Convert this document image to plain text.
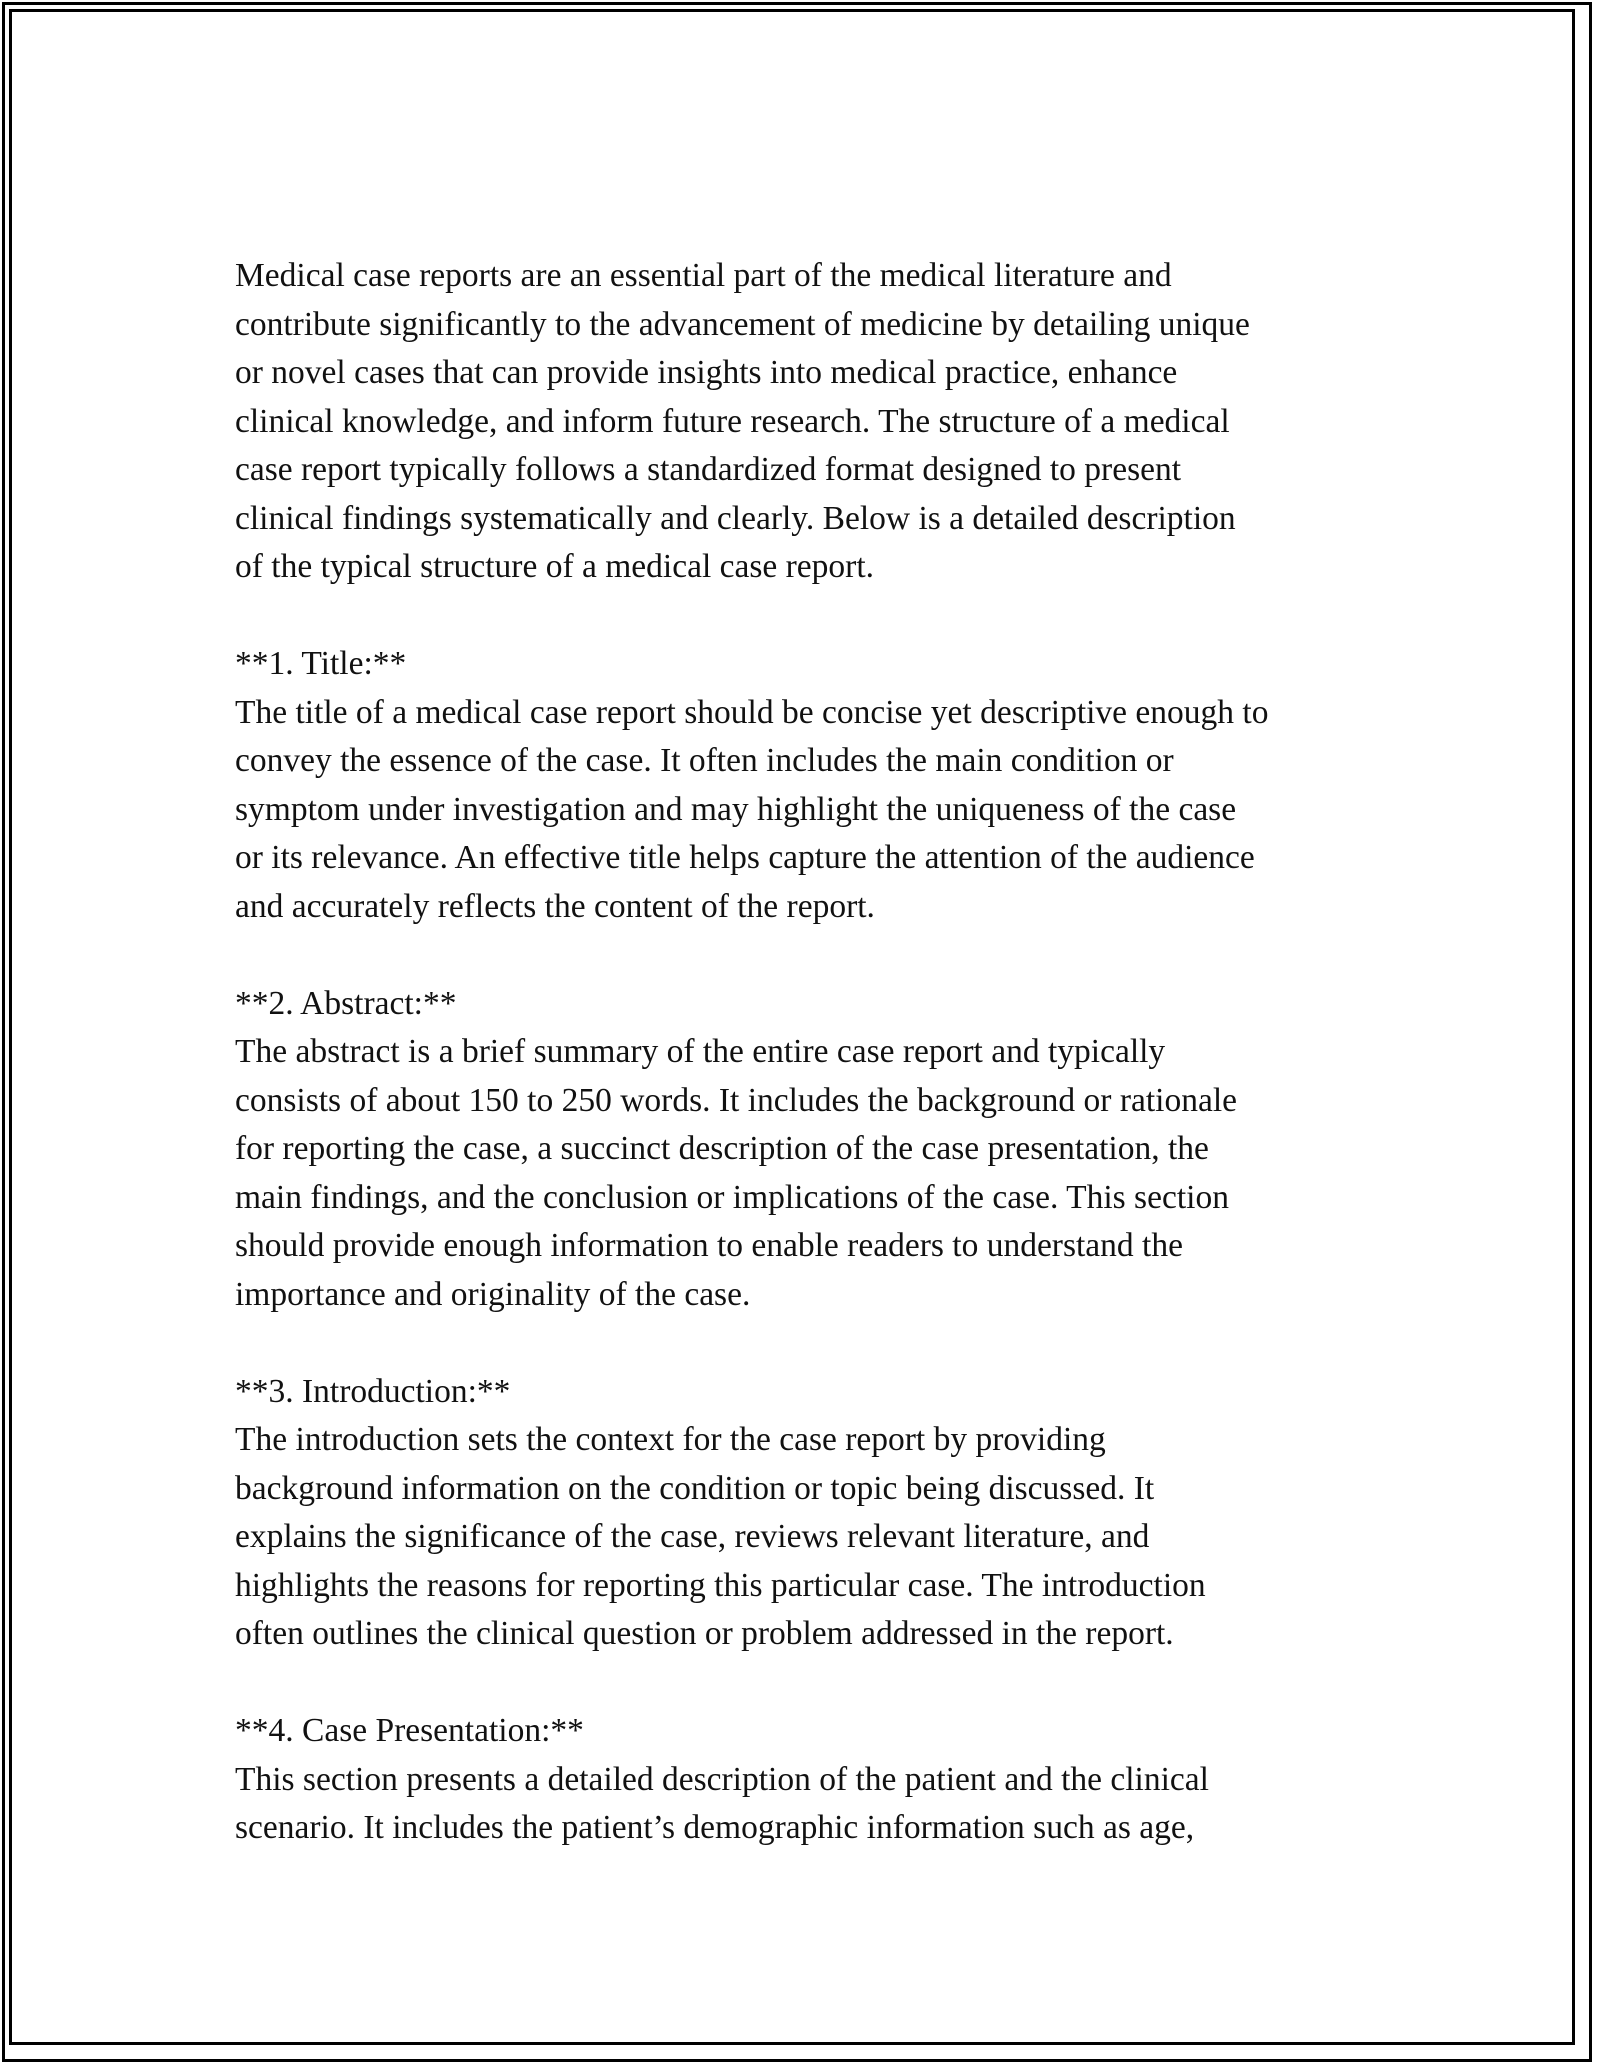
Medical case reports are an essential part of the medical literature and
contribute significantly to the advancement of medicine by detailing unique
or novel cases that can provide insights into medical practice, enhance
clinical knowledge, and inform future research. The structure of a medical
case report typically follows a standardized format designed to present
clinical findings systematically and clearly. Below is a detailed description
of the typical structure of a medical case report.

**1. Title:**

The title of a medical case report should be concise yet descriptive enough to
convey the essence of the case. It often includes the main condition or
symptom under investigation and may highlight the uniqueness of the case
or its relevance. An effective title helps capture the attention of the audience
and accurately reflects the content of the report.

**2. Abstract:**

The abstract is a brief summary of the entire case report and typically
consists of about 150 to 250 words. It includes the background or rationale
for reporting the case, a succinct description of the case presentation, the
main findings, and the conclusion or implications of the case. This section
should provide enough information to enable readers to understand the
importance and originality of the case.

**3. Introduction:**

The introduction sets the context for the case report by providing
background information on the condition or topic being discussed. It
explains the significance of the case, reviews relevant literature, and
highlights the reasons for reporting this particular case. The introduction
often outlines the clinical question or problem addressed in the report.

**4. Case Presentation:**

This section presents a detailed description of the patient and the clinical
scenario. It includes the patient’s demographic information such as age,
